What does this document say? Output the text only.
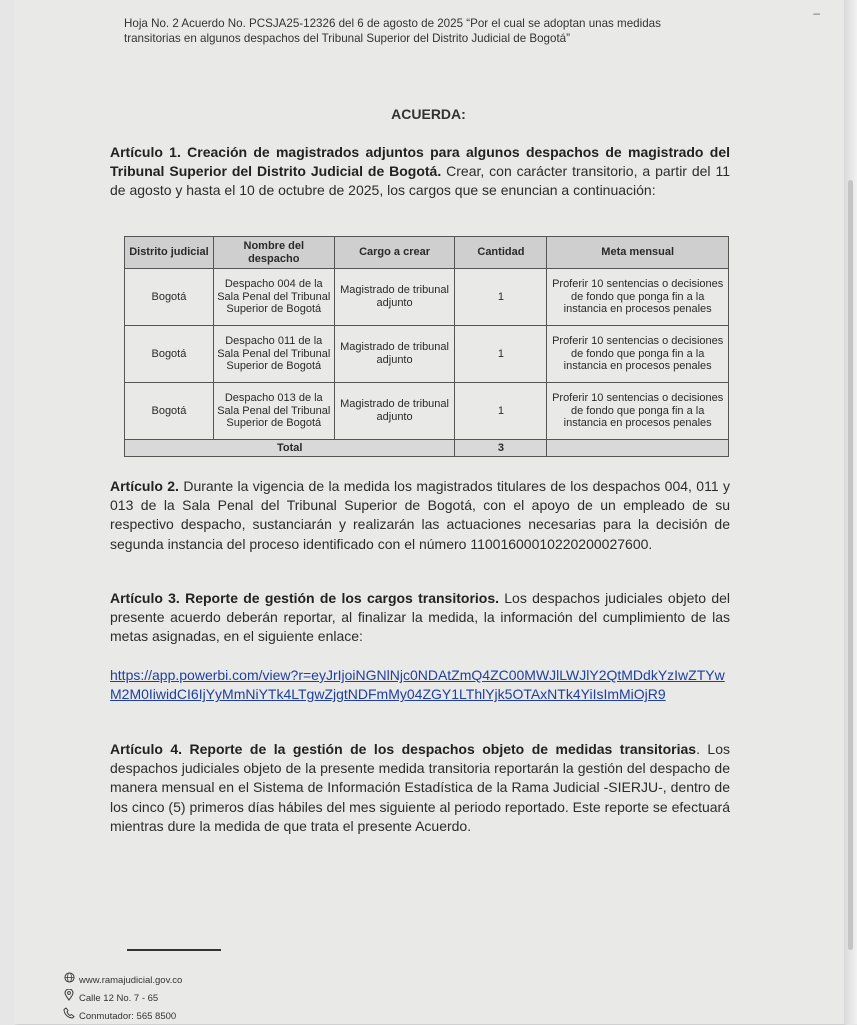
–
Hoja No. 2 Acuerdo No. PCSJA25-12326 del 6 de agosto de 2025 “Por el cual se adoptan unas medidas
transitorias en algunos despachos del Tribunal Superior del Distrito Judicial de Bogotá”
ACUERDA:
Artículo 1. Creación de magistrados adjuntos para algunos despachos de magistrado del Tribunal Superior del Distrito Judicial de Bogotá. Crear, con carácter transitorio, a partir del 11 de agosto y hasta el 10 de octubre de 2025, los cargos que se enuncian a continuación:
Distrito judicial	Nombre del despacho	Cargo a crear	Cantidad	Meta mensual
Bogotá	Despacho 004 de la Sala Penal del Tribunal Superior de Bogotá	Magistrado de tribunal adjunto	1	Proferir 10 sentencias o decisiones de fondo que ponga fin a la instancia en procesos penales
Bogotá	Despacho 011 de la Sala Penal del Tribunal Superior de Bogotá	Magistrado de tribunal adjunto	1	Proferir 10 sentencias o decisiones de fondo que ponga fin a la instancia en procesos penales
Bogotá	Despacho 013 de la Sala Penal del Tribunal Superior de Bogotá	Magistrado de tribunal adjunto	1	Proferir 10 sentencias o decisiones de fondo que ponga fin a la instancia en procesos penales
Total			3	
Artículo 2. Durante la vigencia de la medida los magistrados titulares de los despachos 004, 011 y 013 de la Sala Penal del Tribunal Superior de Bogotá, con el apoyo de un empleado de su respectivo despacho, sustanciarán y realizarán las actuaciones necesarias para la decisión de segunda instancia del proceso identificado con el número 11001600010220200027600.
Artículo 3. Reporte de gestión de los cargos transitorios. Los despachos judiciales objeto del presente acuerdo deberán reportar, al finalizar la medida, la información del cumplimiento de las metas asignadas, en el siguiente enlace:
https://app.powerbi.com/view?r=eyJrIjoiNGNlNjc0NDAtZmQ4ZC00MWJlLWJlY2QtMDdkYzIwZTYwM2M0IiwidCI6IjYyMmNiYTk4LTgwZjgtNDFmMy04ZGY1LThlYjk5OTAxNTk4YiIsImMiOjR9
Artículo 4. Reporte de la gestión de los despachos objeto de medidas transitorias. Los despachos judiciales objeto de la presente medida transitoria reportarán la gestión del despacho de manera mensual en el Sistema de Información Estadística de la Rama Judicial -SIERJU-, dentro de los cinco (5) primeros días hábiles del mes siguiente al periodo reportado. Este reporte se efectuará mientras dure la medida de que trata el presente Acuerdo.
www.ramajudicial.gov.co
Calle 12 No. 7 - 65
Conmutador: 565 8500
